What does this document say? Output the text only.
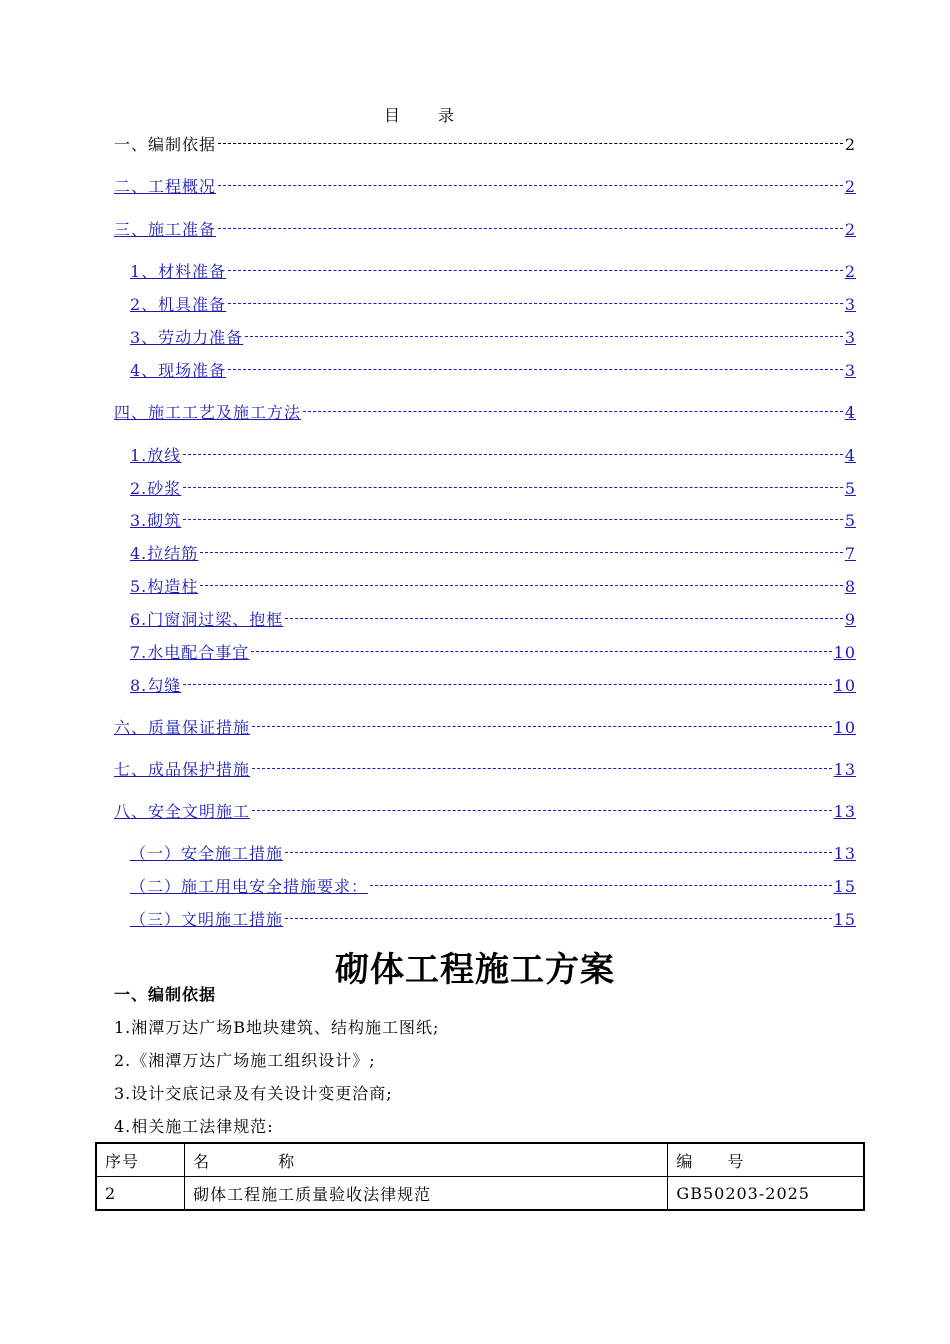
目　　录
一、编制依据	2
二、工程概况	2
三、施工准备	2
1、材料准备	2
2、机具准备	3
3、劳动力准备	3
4、现场准备	3
四、施工工艺及施工方法	4
1.放线	4
2.砂浆	5
3.砌筑	5
4.拉结筋	7
5.构造柱	8
6.门窗洞过梁、抱框	9
7.水电配合事宜	10
8.勾缝	10
六、质量保证措施	10
七、成品保护措施	13
八、安全文明施工	13
（一）安全施工措施	13
（二）施工用电安全措施要求：	15
（三）文明施工措施	15
砌体工程施工方案
一、编制依据
1.湘潭万达广场B地块建筑、结构施工图纸;
2.《湘潭万达广场施工组织设计》;
3.设计交底记录及有关设计变更洽商;
4.相关施工法律规范:
序号	名　　　　称	编　　号
2	砌体工程施工质量验收法律规范	GB50203-2025
